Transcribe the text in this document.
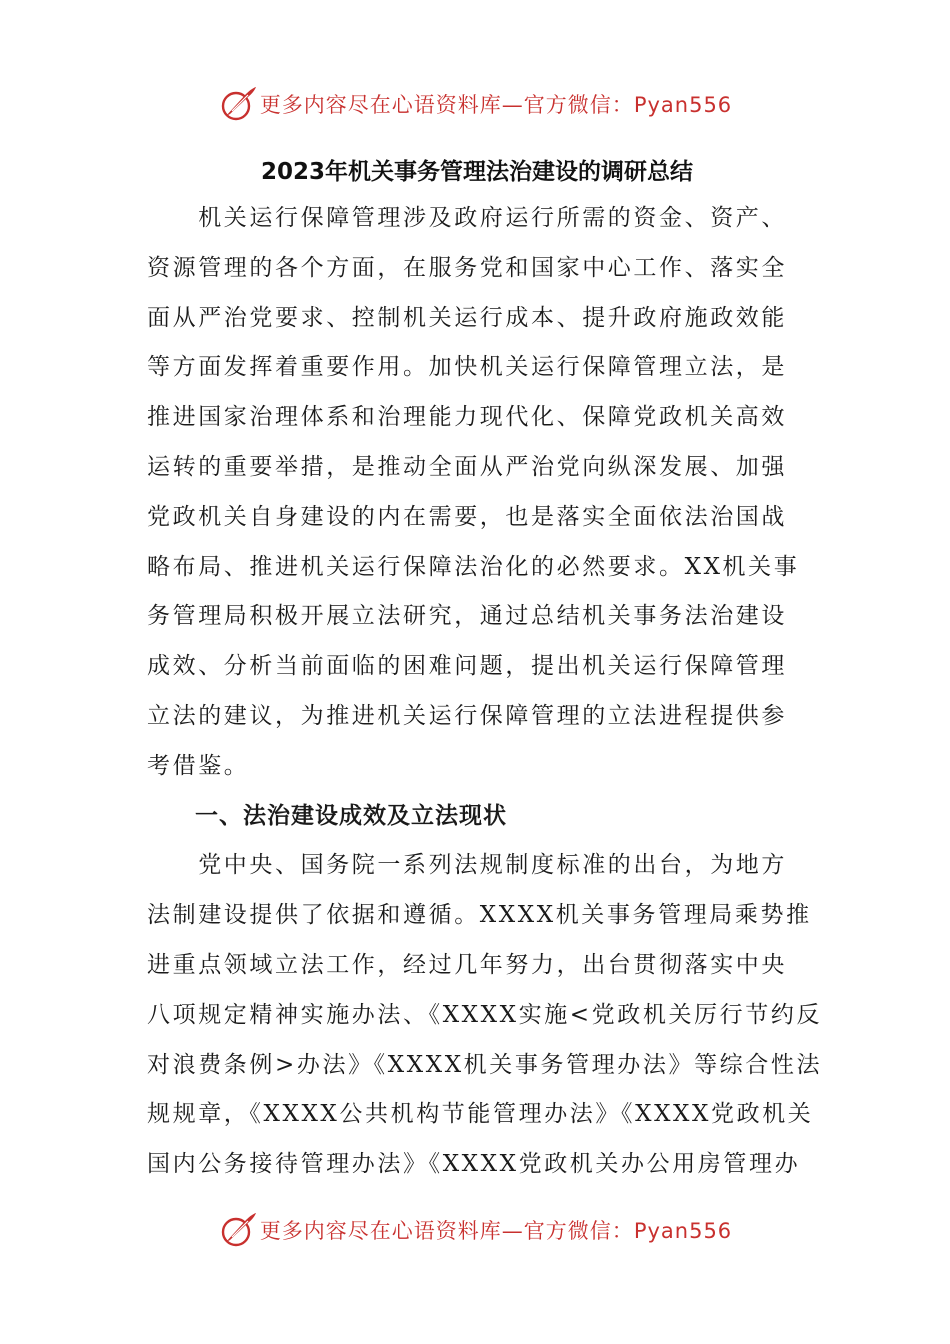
更多内容尽在心语资料库—官方微信：Pyan556
2023年机关事务管理法治建设的调研总结

　　机关运行保障管理涉及政府运行所需的资金、资产、
资源管理的各个方面，在服务党和国家中心工作、落实全
面从严治党要求、控制机关运行成本、提升政府施政效能
等方面发挥着重要作用。加快机关运行保障管理立法，是
推进国家治理体系和治理能力现代化、保障党政机关高效
运转的重要举措，是推动全面从严治党向纵深发展、加强
党政机关自身建设的内在需要，也是落实全面依法治国战
略布局、推进机关运行保障法治化的必然要求。XX机关事
务管理局积极开展立法研究，通过总结机关事务法治建设
成效、分析当前面临的困难问题，提出机关运行保障管理
立法的建议，为推进机关运行保障管理的立法进程提供参
考借鉴。

一、法治建设成效及立法现状

　　党中央、国务院一系列法规制度标准的出台，为地方
法制建设提供了依据和遵循。XXXX机关事务管理局乘势推
进重点领域立法工作，经过几年努力，出台贯彻落实中央
八项规定精神实施办法、《XXXX实施<党政机关厉行节约反
对浪费条例>办法》《XXXX机关事务管理办法》等综合性法
规规章，《XXXX公共机构节能管理办法》《XXXX党政机关
国内公务接待管理办法》《XXXX党政机关办公用房管理办

更多内容尽在心语资料库—官方微信：Pyan556
